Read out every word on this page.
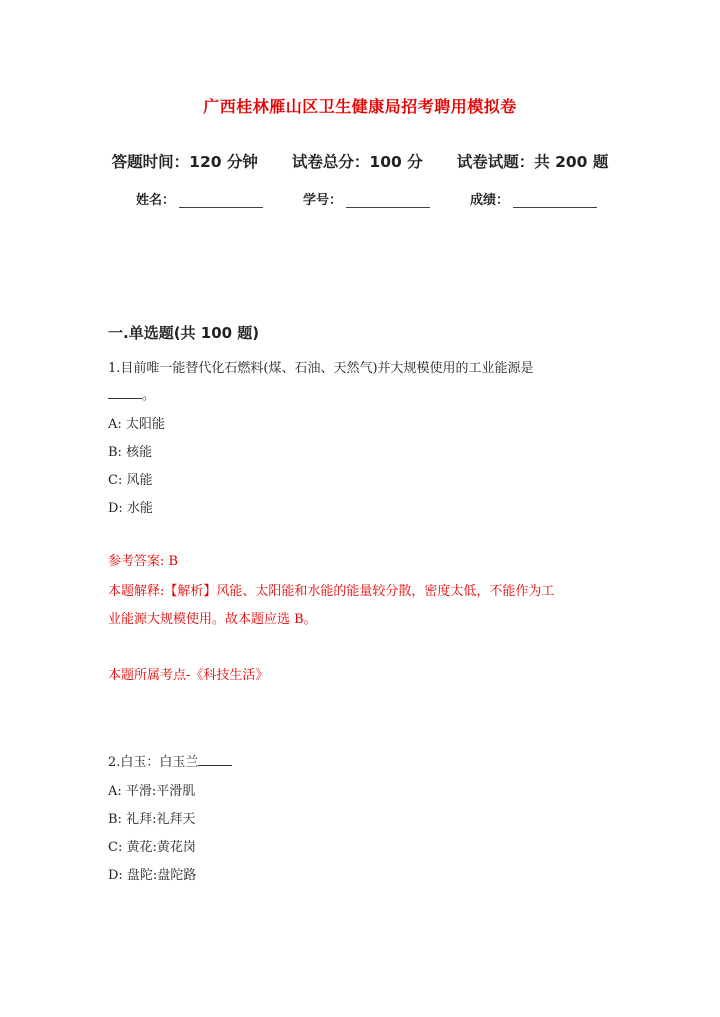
广西桂林雁山区卫生健康局招考聘用模拟卷
答题时间：120 分钟 试卷总分：100 分 试卷试题：共 200 题
姓名：	学号：	成绩：
一.单选题(共 100 题)
1.目前唯一能替代化石燃料(煤、石油、天然气)并大规模使用的工业能源是
。
A: 太阳能
B: 核能
C: 风能
D: 水能
参考答案: B
本题解释:【解析】风能、太阳能和水能的能量较分散，密度太低，不能作为工
业能源大规模使用。故本题应选 B。
本题所属考点-《科技生活》
2.白玉：白玉兰
A: 平滑:平滑肌
B: 礼拜:礼拜天
C: 黄花:黄花岗
D: 盘陀:盘陀路
